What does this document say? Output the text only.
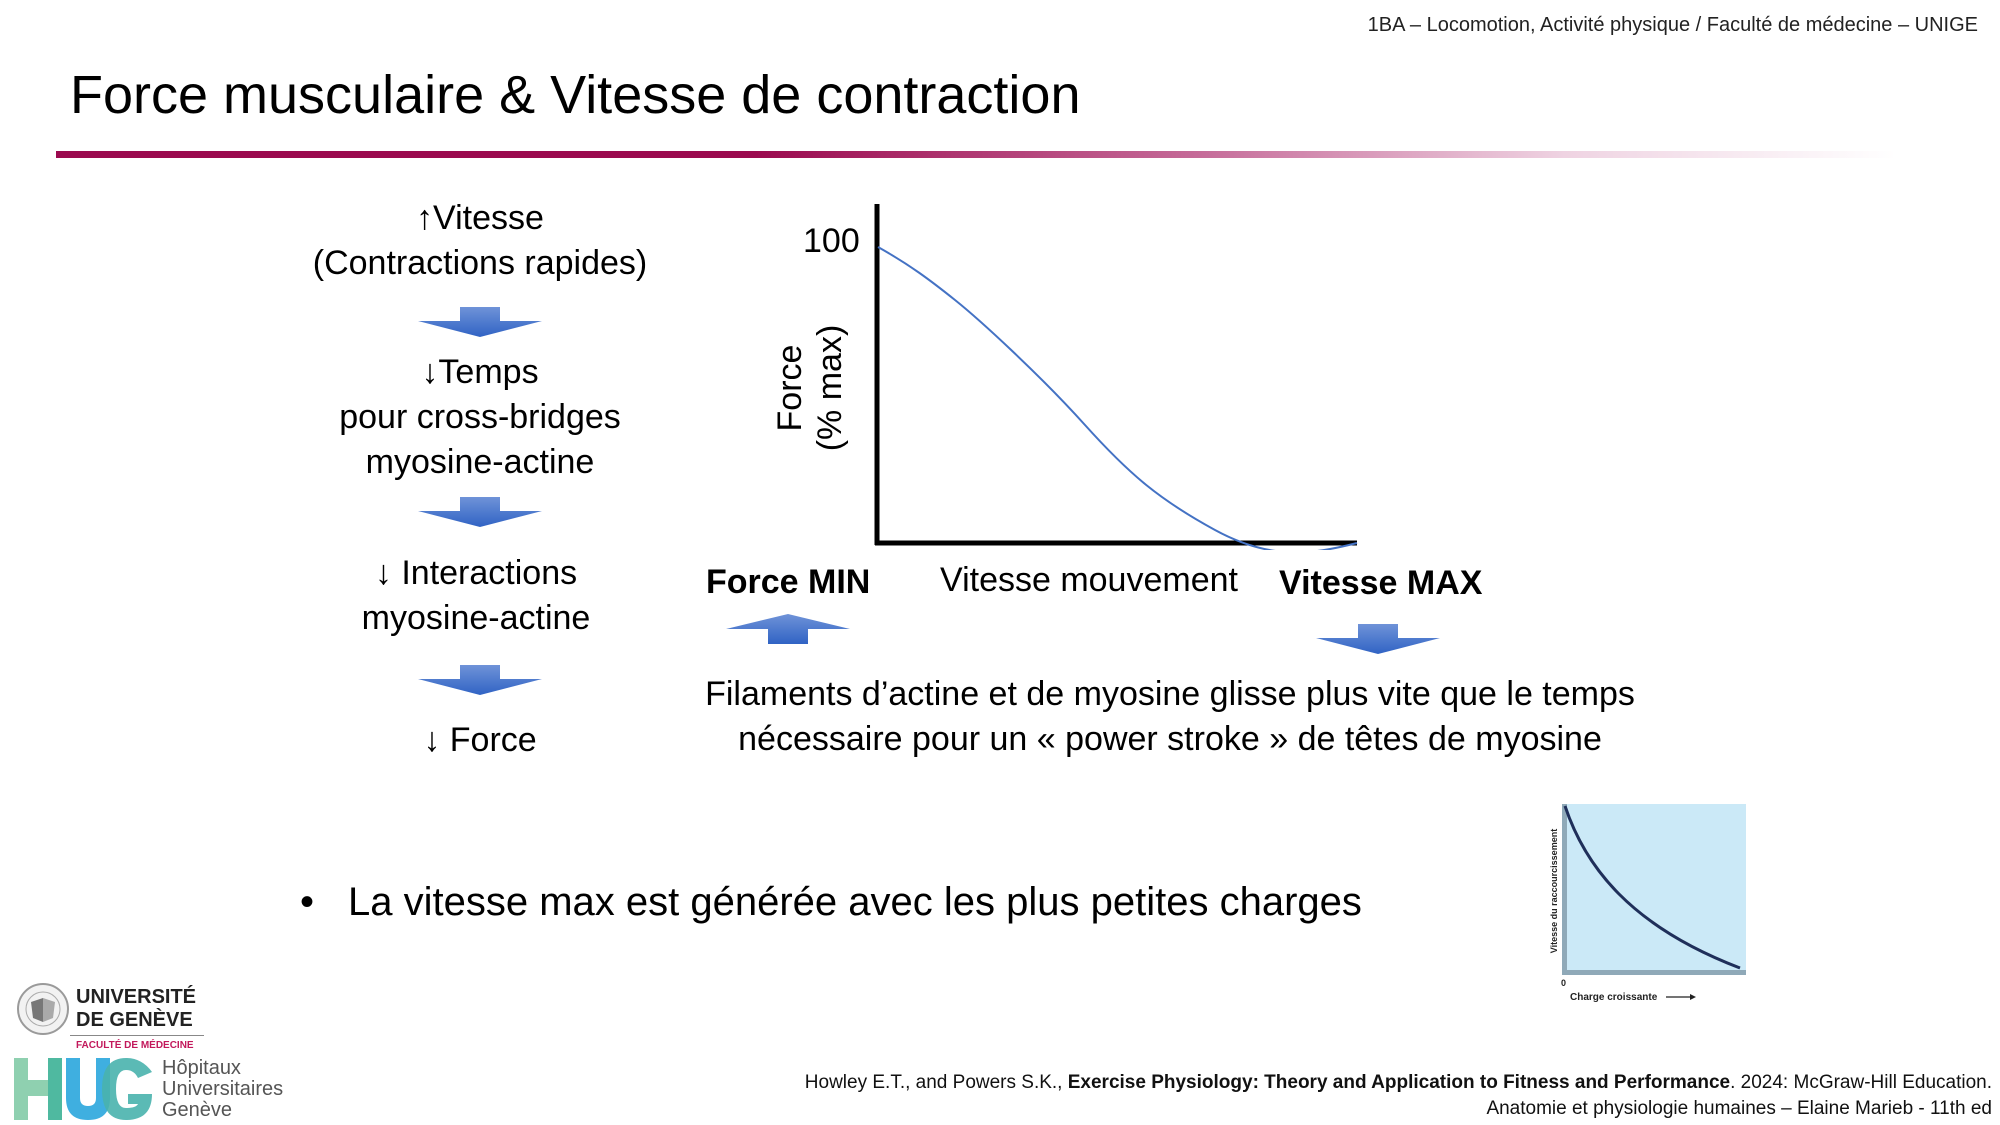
1BA – Locomotion, Activité physique / Faculté de médecine – UNIGE
Force musculaire & Vitesse de contraction
↑Vitesse
(Contractions rapides)
↓Temps
pour cross-bridges
myosine-actine
↓ Interactions
myosine-actine
↓ Force
100
Force (% max)
Force MIN Vitesse mouvement Vitesse MAX
Filaments d’actine et de myosine glisse plus vite que le temps
nécessaire pour un « power stroke » de têtes de myosine
• La vitesse max est générée avec les plus petites charges	Vitesse du raccourcissement
0
Charge croissante
UNIVERSITÉ
DE GENÈVE
FACULTÉ DE MÉDECINE
Hôpitaux
Universitaires
Genève
Howley E.T., and Powers S.K., Exercise Physiology: Theory and Application to Fitness and Performance. 2024: McGraw-Hill Education.
Anatomie et physiologie humaines – Elaine Marieb - 11th ed
